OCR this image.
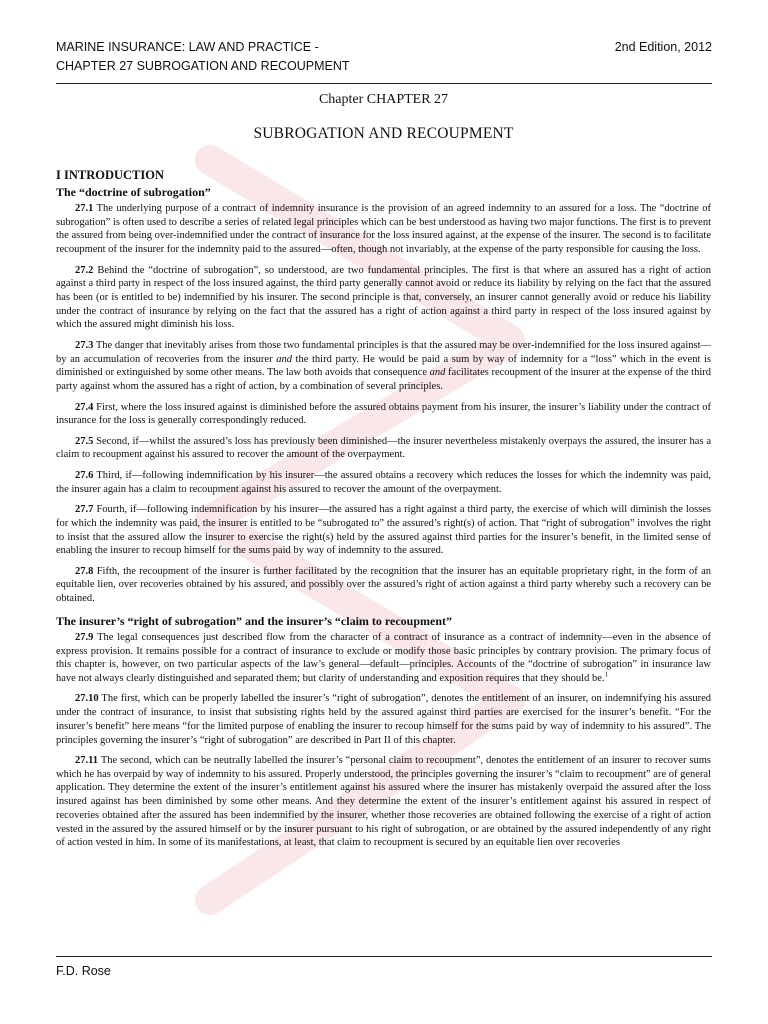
MARINE INSURANCE: LAW AND PRACTICE -	2nd Edition, 2012
CHAPTER 27 SUBROGATION AND RECOUPMENT
Chapter CHAPTER 27
SUBROGATION AND RECOUPMENT
I INTRODUCTION
The “doctrine of subrogation”

27.1 The underlying purpose of a contract of indemnity insurance is the provision of an agreed indemnity to an assured for a loss. The “doctrine of subrogation” is often used to describe a series of related legal principles which can be best understood as having two major functions. The first is to prevent the assured from being over-indemnified under the contract of insurance for the loss insured against, at the expense of the insurer. The second is to facilitate recoupment of the insurer for the indemnity paid to the assured—often, though not invariably, at the expense of the party responsible for causing the loss.

27.2 Behind the “doctrine of subrogation”, so understood, are two fundamental principles. The first is that where an assured has a right of action against a third party in respect of the loss insured against, the third party generally cannot avoid or reduce its liability by relying on the fact that the assured has been (or is entitled to be) indemnified by his insurer. The second principle is that, conversely, an insurer cannot generally avoid or reduce his liability under the contract of insurance by relying on the fact that the assured has a right of action against a third party in respect of the loss insured against by which the assured might diminish his loss.

27.3 The danger that inevitably arises from those two fundamental principles is that the assured may be over-indemnified for the loss insured against—by an accumulation of recoveries from the insurer and the third party. He would be paid a sum by way of indemnity for a “loss” which in the event is diminished or extinguished by some other means. The law both avoids that consequence and facilitates recoupment of the insurer at the expense of the third party against whom the assured has a right of action, by a combination of several principles.

27.4 First, where the loss insured against is diminished before the assured obtains payment from his insurer, the insurer’s liability under the contract of insurance for the loss is generally correspondingly reduced.

27.5 Second, if—whilst the assured’s loss has previously been diminished—the insurer nevertheless mistakenly overpays the assured, the insurer has a claim to recoupment against his assured to recover the amount of the overpayment.

27.6 Third, if—following indemnification by his insurer—the assured obtains a recovery which reduces the losses for which the indemnity was paid, the insurer again has a claim to recoupment against his assured to recover the amount of the overpayment.

27.7 Fourth, if—following indemnification by his insurer—the assured has a right against a third party, the exercise of which will diminish the losses for which the indemnity was paid, the insurer is entitled to be “subrogated to” the assured’s right(s) of action. That “right of subrogation” involves the right to insist that the assured allow the insurer to exercise the right(s) held by the assured against third parties for the insurer’s benefit, in the limited sense of enabling the insurer to recoup himself for the sums paid by way of indemnity to the assured.

27.8 Fifth, the recoupment of the insurer is further facilitated by the recognition that the insurer has an equitable proprietary right, in the form of an equitable lien, over recoveries obtained by his assured, and possibly over the assured’s right of action against a third party whereby such a recovery can be obtained.

The insurer’s “right of subrogation” and the insurer’s “claim to recoupment”

27.9 The legal consequences just described flow from the character of a contract of insurance as a contract of indemnity—even in the absence of express provision. It remains possible for a contract of insurance to exclude or modify those basic principles by contrary provision. The primary focus of this chapter is, however, on two particular aspects of the law’s general—default—principles. Accounts of the “doctrine of subrogation” in insurance law have not always clearly distinguished and separated them; but clarity of understanding and exposition requires that they should be.$^1$

27.10 The first, which can be properly labelled the insurer’s “right of subrogation”, denotes the entitlement of an insurer, on indemnifying his assured under the contract of insurance, to insist that subsisting rights held by the assured against third parties are exercised for the insurer’s benefit. “For the insurer’s benefit” here means “for the limited purpose of enabling the insurer to recoup himself for the sums paid by way of indemnity to his assured”. The principles governing the insurer’s “right of subrogation” are described in Part II of this chapter.

27.11 The second, which can be neutrally labelled the insurer’s “personal claim to recoupment”, denotes the entitlement of an insurer to recover sums which he has overpaid by way of indemnity to his assured. Properly understood, the principles governing the insurer’s “claim to recoupment” are of general application. They determine the extent of the insurer’s entitlement against his assured where the insurer has mistakenly overpaid the assured after the loss insured against has been diminished by some other means. And they determine the extent of the insurer’s entitlement against his assured in respect of recoveries obtained after the assured has been indemnified by the insurer, whether those recoveries are obtained following the exercise of a right of action vested in the assured by the assured himself or by the insurer pursuant to his right of subrogation, or are obtained by the assured independently of any right of action vested in him. In some of its manifestations, at least, that claim to recoupment is secured by an equitable lien over recoveries

F.D. Rose
